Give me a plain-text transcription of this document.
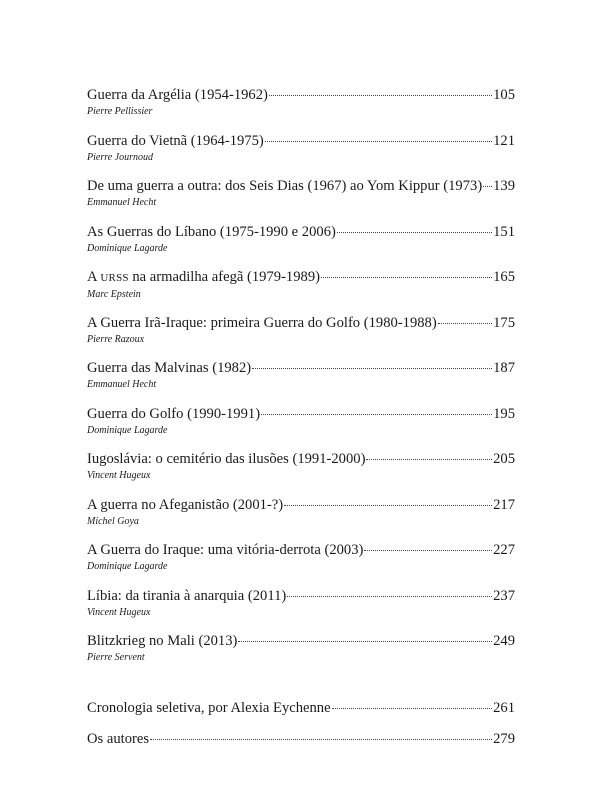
Guerra da Argélia (1954-1962)	105
Pierre Pellissier
Guerra do Vietnã (1964-1975)	121
Pierre Journoud
De uma guerra a outra: dos Seis Dias (1967) ao Yom Kippur (1973) 139
Emmanuel Hecht
As Guerras do Líbano (1975-1990 e 2006)	151
Dominique Lagarde
A URSS na armadilha afegã (1979-1989)	165
Marc Epstein
A Guerra Irã-Iraque: primeira Guerra do Golfo (1980-1988)	175
Pierre Razoux
Guerra das Malvinas (1982)	187
Emmanuel Hecht
Guerra do Golfo (1990-1991)	195
Dominique Lagarde
Iugoslávia: o cemitério das ilusões (1991-2000)	205
Vincent Hugeux
A guerra no Afeganistão (2001-?)	217
Michel Goya
A Guerra do Iraque: uma vitória-derrota (2003)	227
Dominique Lagarde
Líbia: da tirania à anarquia (2011)	237
Vincent Hugeux
Blitzkrieg no Mali (2013)	249
Pierre Servent
Cronologia seletiva, por Alexia Eychenne	261
Os autores	279
